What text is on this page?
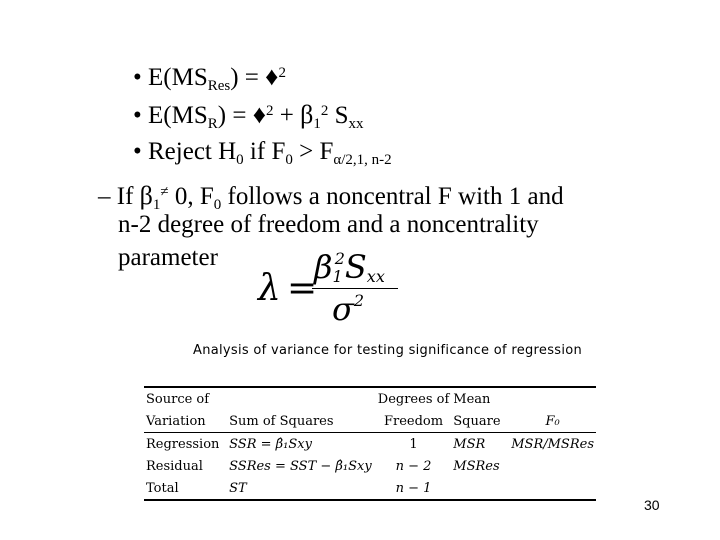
• $E(MS_{Res})$ = ♦$^2$
• $E(MS_R)$ = ♦$^2$ + $\beta_1^2$ $S_{xx}$
• Reject $H_0$ if $F_0 > F_{\alpha/2,1, n-2}$
– If $\beta_1^\ne$ 0, $F_0$ follows a noncentral F with 1 and
n-2 degree of freedom and a noncentrality
parameter
λ =
$\beta_1^2S_{xx}$
$\sigma^2$
Analysis of variance for testing significance of regression
Source of		Degrees of	Mean	
Variation	Sum of Squares	Freedom	Square	F₀
Regression	SSR = β̂₁Sxy	1	MSR	MSR/MSRes
Residual	SSRes = SST − β̂₁Sxy	n − 2	MSRes	
Total	ST	n − 1		
30
